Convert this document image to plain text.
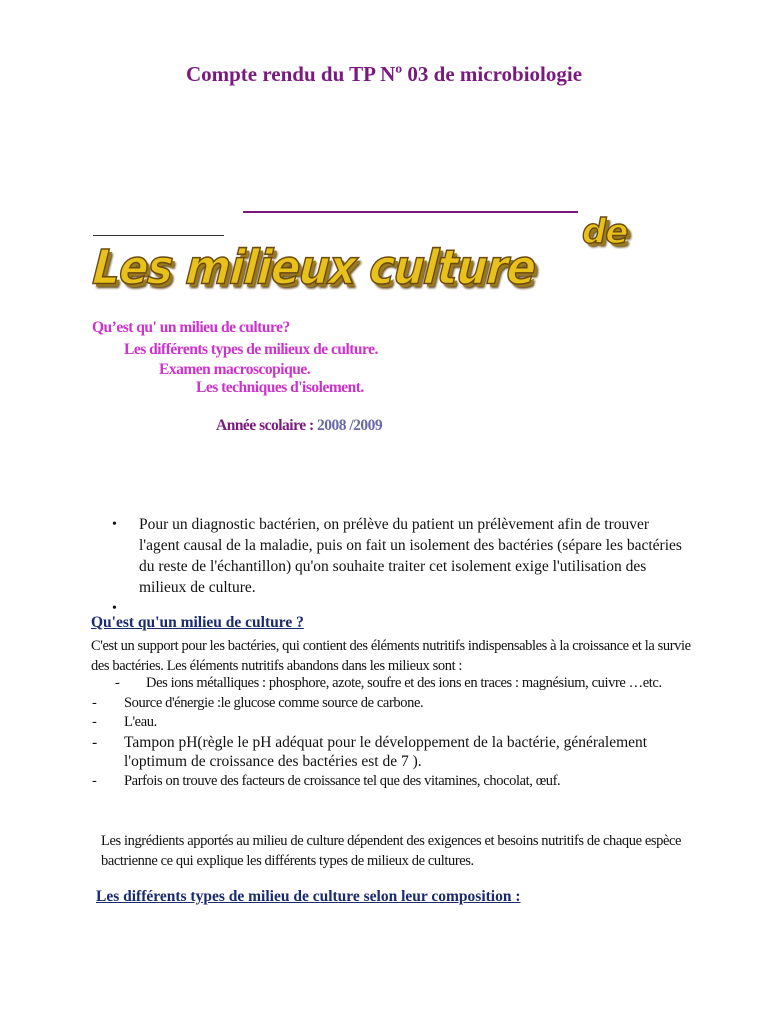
Compte rendu du TP Nº 03 de microbiologie
Les milieux culture
de
Qu’est qu' un milieu de culture?
Les différents types de milieux de culture.
Examen macroscopique.
Les techniques d'isolement.
Année scolaire : 2008 /2009
• Pour un diagnostic bactérien, on prélève du patient un prélèvement afin de trouver l'agent causal de la maladie, puis on fait un isolement des bactéries (sépare les bactéries du reste de l'échantillon) qu'on souhaite traiter cet isolement exige l'utilisation des milieux de culture.
•

Qu'est qu'un milieu de culture ?
C'est un support pour les bactéries, qui contient des éléments nutritifs indispensables à la croissance et la survie des bactéries. Les éléments nutritifs abandons dans les milieux sont :
- Des ions métalliques : phosphore, azote, soufre et des ions en traces : magnésium, cuivre …etc.
- Source d'énergie :le glucose comme source de carbone.
- L'eau.
- Tampon pH(règle le pH adéquat pour le développement de la bactérie, généralement l'optimum de croissance des bactéries est de 7 ).
- Parfois on trouve des facteurs de croissance tel que des vitamines, chocolat, œuf.
Les ingrédients apportés au milieu de culture dépendent des exigences et besoins nutritifs de chaque espèce bactrienne ce qui explique les différents types de milieux de cultures.
Les différents types de milieu de culture selon leur composition :
